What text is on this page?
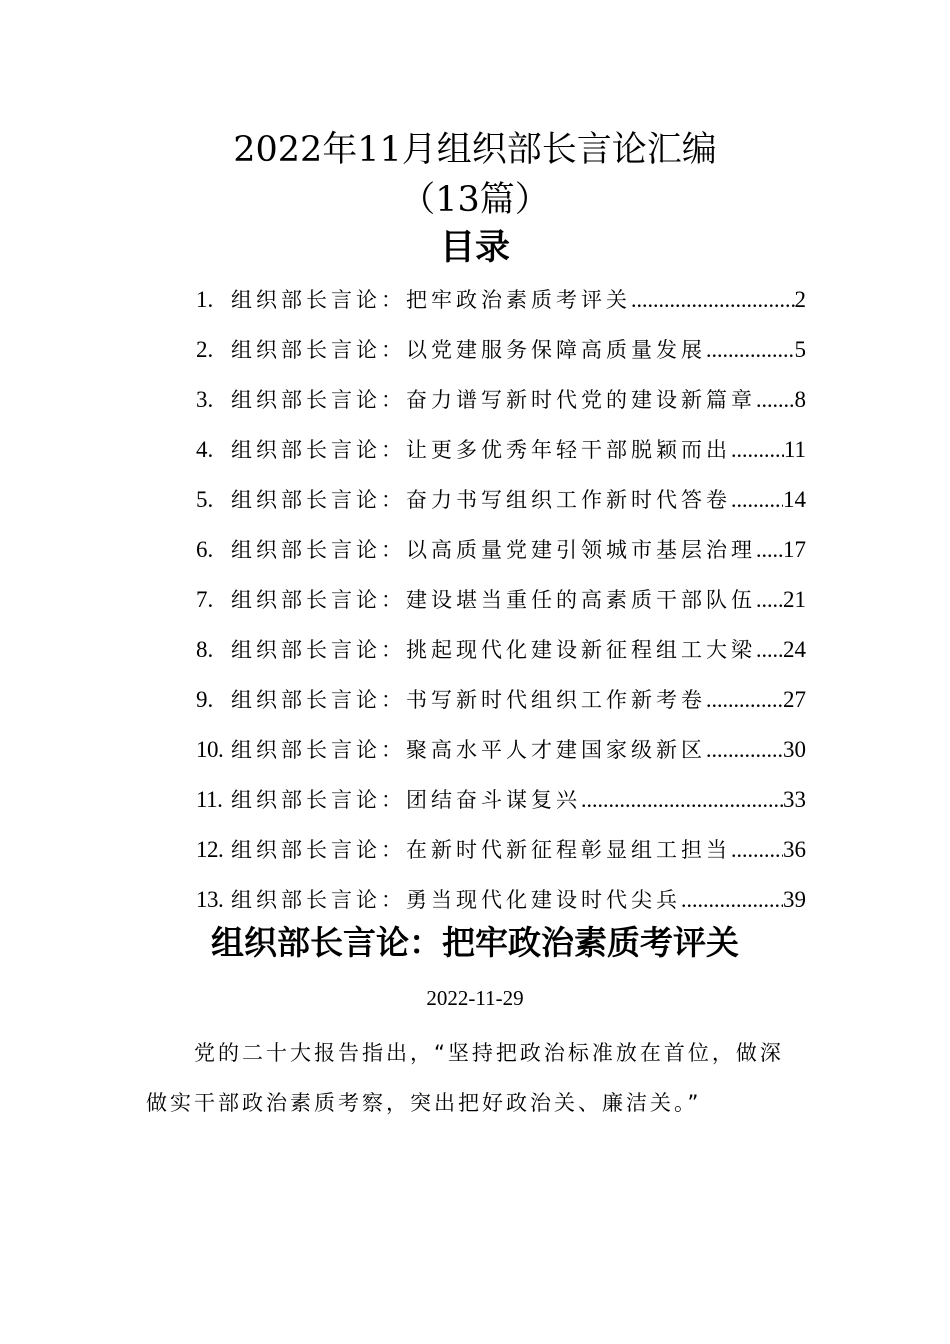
2022年11月组织部长言论汇编
（13篇）
目录
1. 组织部长言论：把牢政治素质考评关 .....	2
2. 组织部长言论：以党建服务保障高质量发展 .....	5
3. 组织部长言论：奋力谱写新时代党的建设新篇章 ..... 8
4. 组织部长言论：让更多优秀年轻干部脱颖而出 ..... 11
5. 组织部长言论：奋力书写组织工作新时代答卷 ..... 14
6. 组织部长言论：以高质量党建引领城市基层治理 ..... 17
7. 组织部长言论：建设堪当重任的高素质干部队伍 ..... 21
8. 组织部长言论：挑起现代化建设新征程组工大梁 ..... 24
9. 组织部长言论：书写新时代组织工作新考卷 .....	27
10. 组织部长言论：聚高水平人才建国家级新区 .....	30
11. 组织部长言论：团结奋斗谋复兴 .....	33
12. 组织部长言论：在新时代新征程彰显组工担当 ..... 36
13. 组织部长言论：勇当现代化建设时代尖兵 .....	39
组织部长言论：把牢政治素质考评关
2022-11-29
党的二十大报告指出，“坚持把政治标准放在首位，做深做实干部政治素质考察，突出把好政治关、廉洁关。”
